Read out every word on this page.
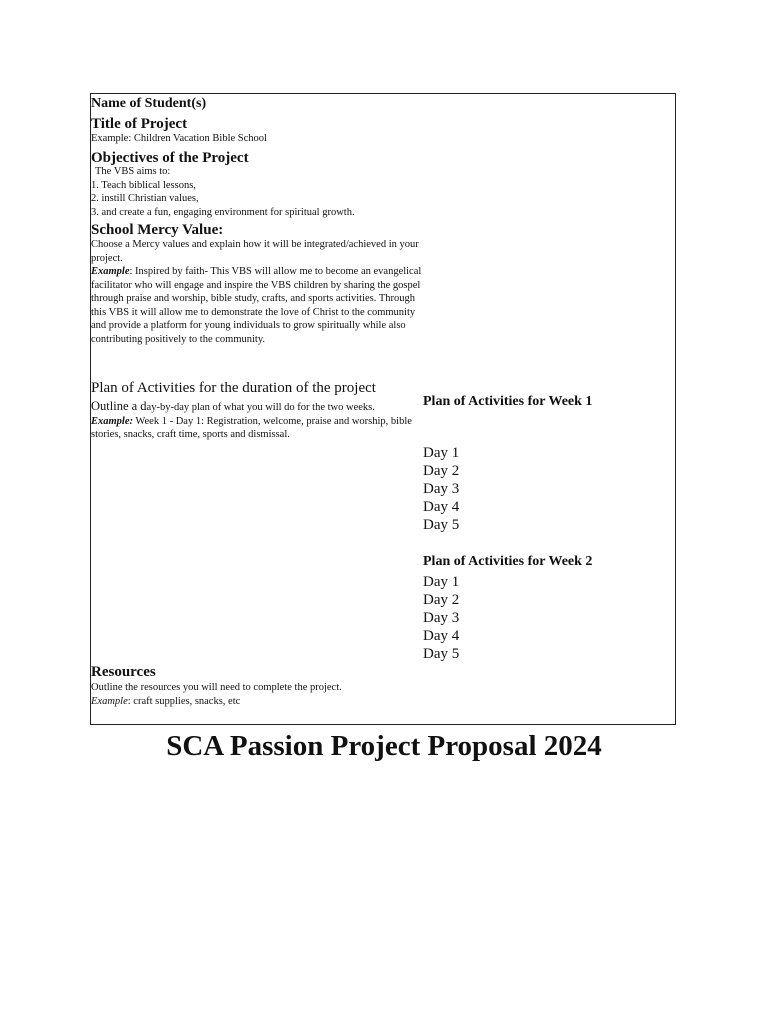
Name of Student(s)
Title of Project
Example: Children Vacation Bible School
Objectives of the Project
The VBS aims to:
1. Teach biblical lessons,
2. instill Christian values,
3. and create a fun, engaging environment for spiritual growth.
School Mercy Value:
Choose a Mercy values and explain how it will be integrated/achieved in your project.
Example: Inspired by faith- This VBS will allow me to become an evangelical facilitator who will engage and inspire the VBS children by sharing the gospel through praise and worship, bible study, crafts, and sports activities. Through this VBS it will allow me to demonstrate the love of Christ to the community and provide a platform for young individuals to grow spiritually while also contributing positively to the community.
Plan of Activities for the duration of the project
Outline a day-by-day plan of what you will do for the two weeks.
Example: Week 1 - Day 1: Registration, welcome, praise and worship, bible stories, snacks, craft time, sports and dismissal.
Resources
Outline the resources you will need to complete the project.
Example: craft supplies, snacks, etc
Plan of Activities for Week 1
Day 1
Day 2
Day 3
Day 4
Day 5
Plan of Activities for Week 2
Day 1
Day 2
Day 3
Day 4
Day 5
SCA Passion Project Proposal 2024
